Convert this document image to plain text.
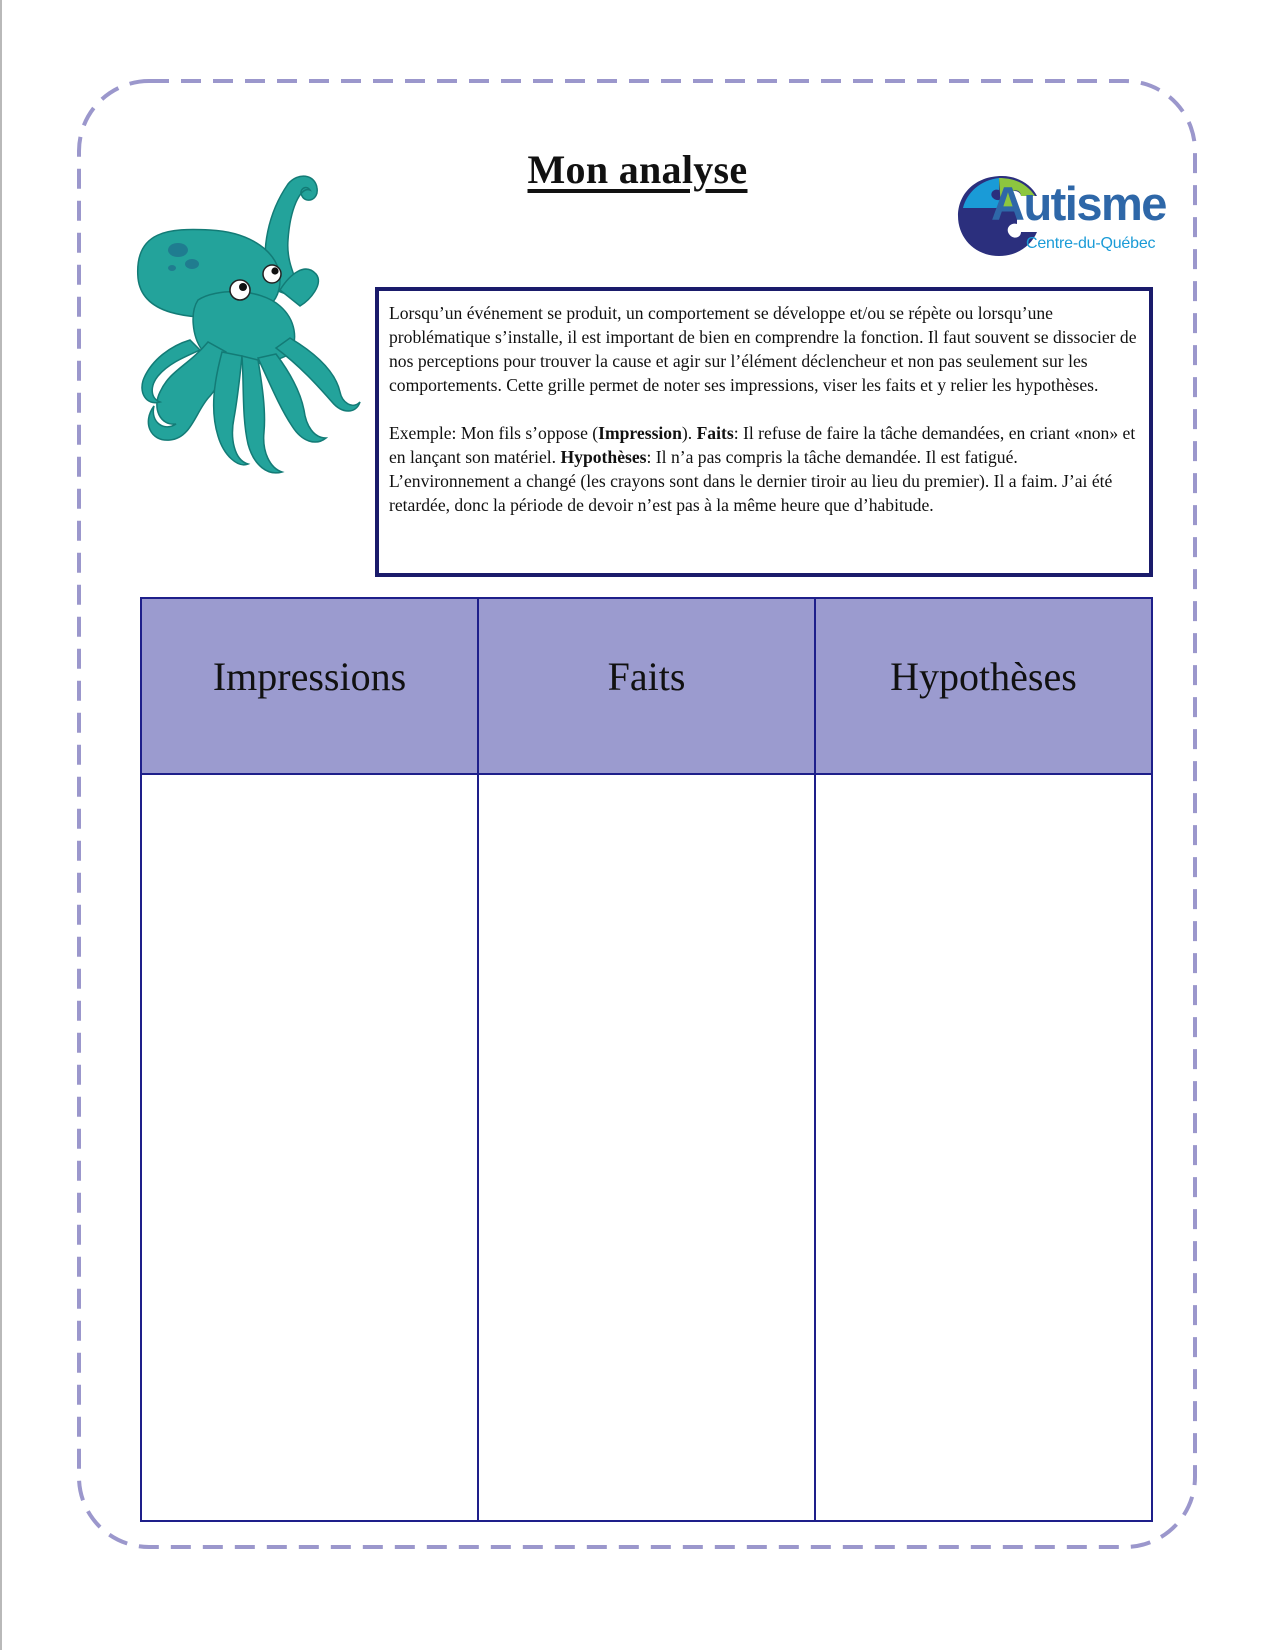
Mon analyse
Autisme
Centre-du-Québec

Lorsqu’un événement se produit, un comportement se développe et/ou se répète ou lorsqu’une problématique s’installe, il est important de bien en comprendre la fonction. Il faut souvent se dissocier de nos perceptions pour trouver la cause et agir sur l’élément déclencheur et non pas seulement sur les comportements. Cette grille permet de noter ses impressions, viser les faits et y relier les hypothèses.

Exemple: Mon fils s’oppose (Impression). Faits: Il refuse de faire la tâche demandées, en criant «non» et en lançant son matériel. Hypothèses: Il n’a pas compris la tâche demandée. Il est fatigué. L’environnement a changé (les crayons sont dans le dernier tiroir au lieu du premier). Il a faim. J’ai été retardée, donc la période de devoir n’est pas à la même heure que d’habitude.

Impressions	Faits	Hypothèses
